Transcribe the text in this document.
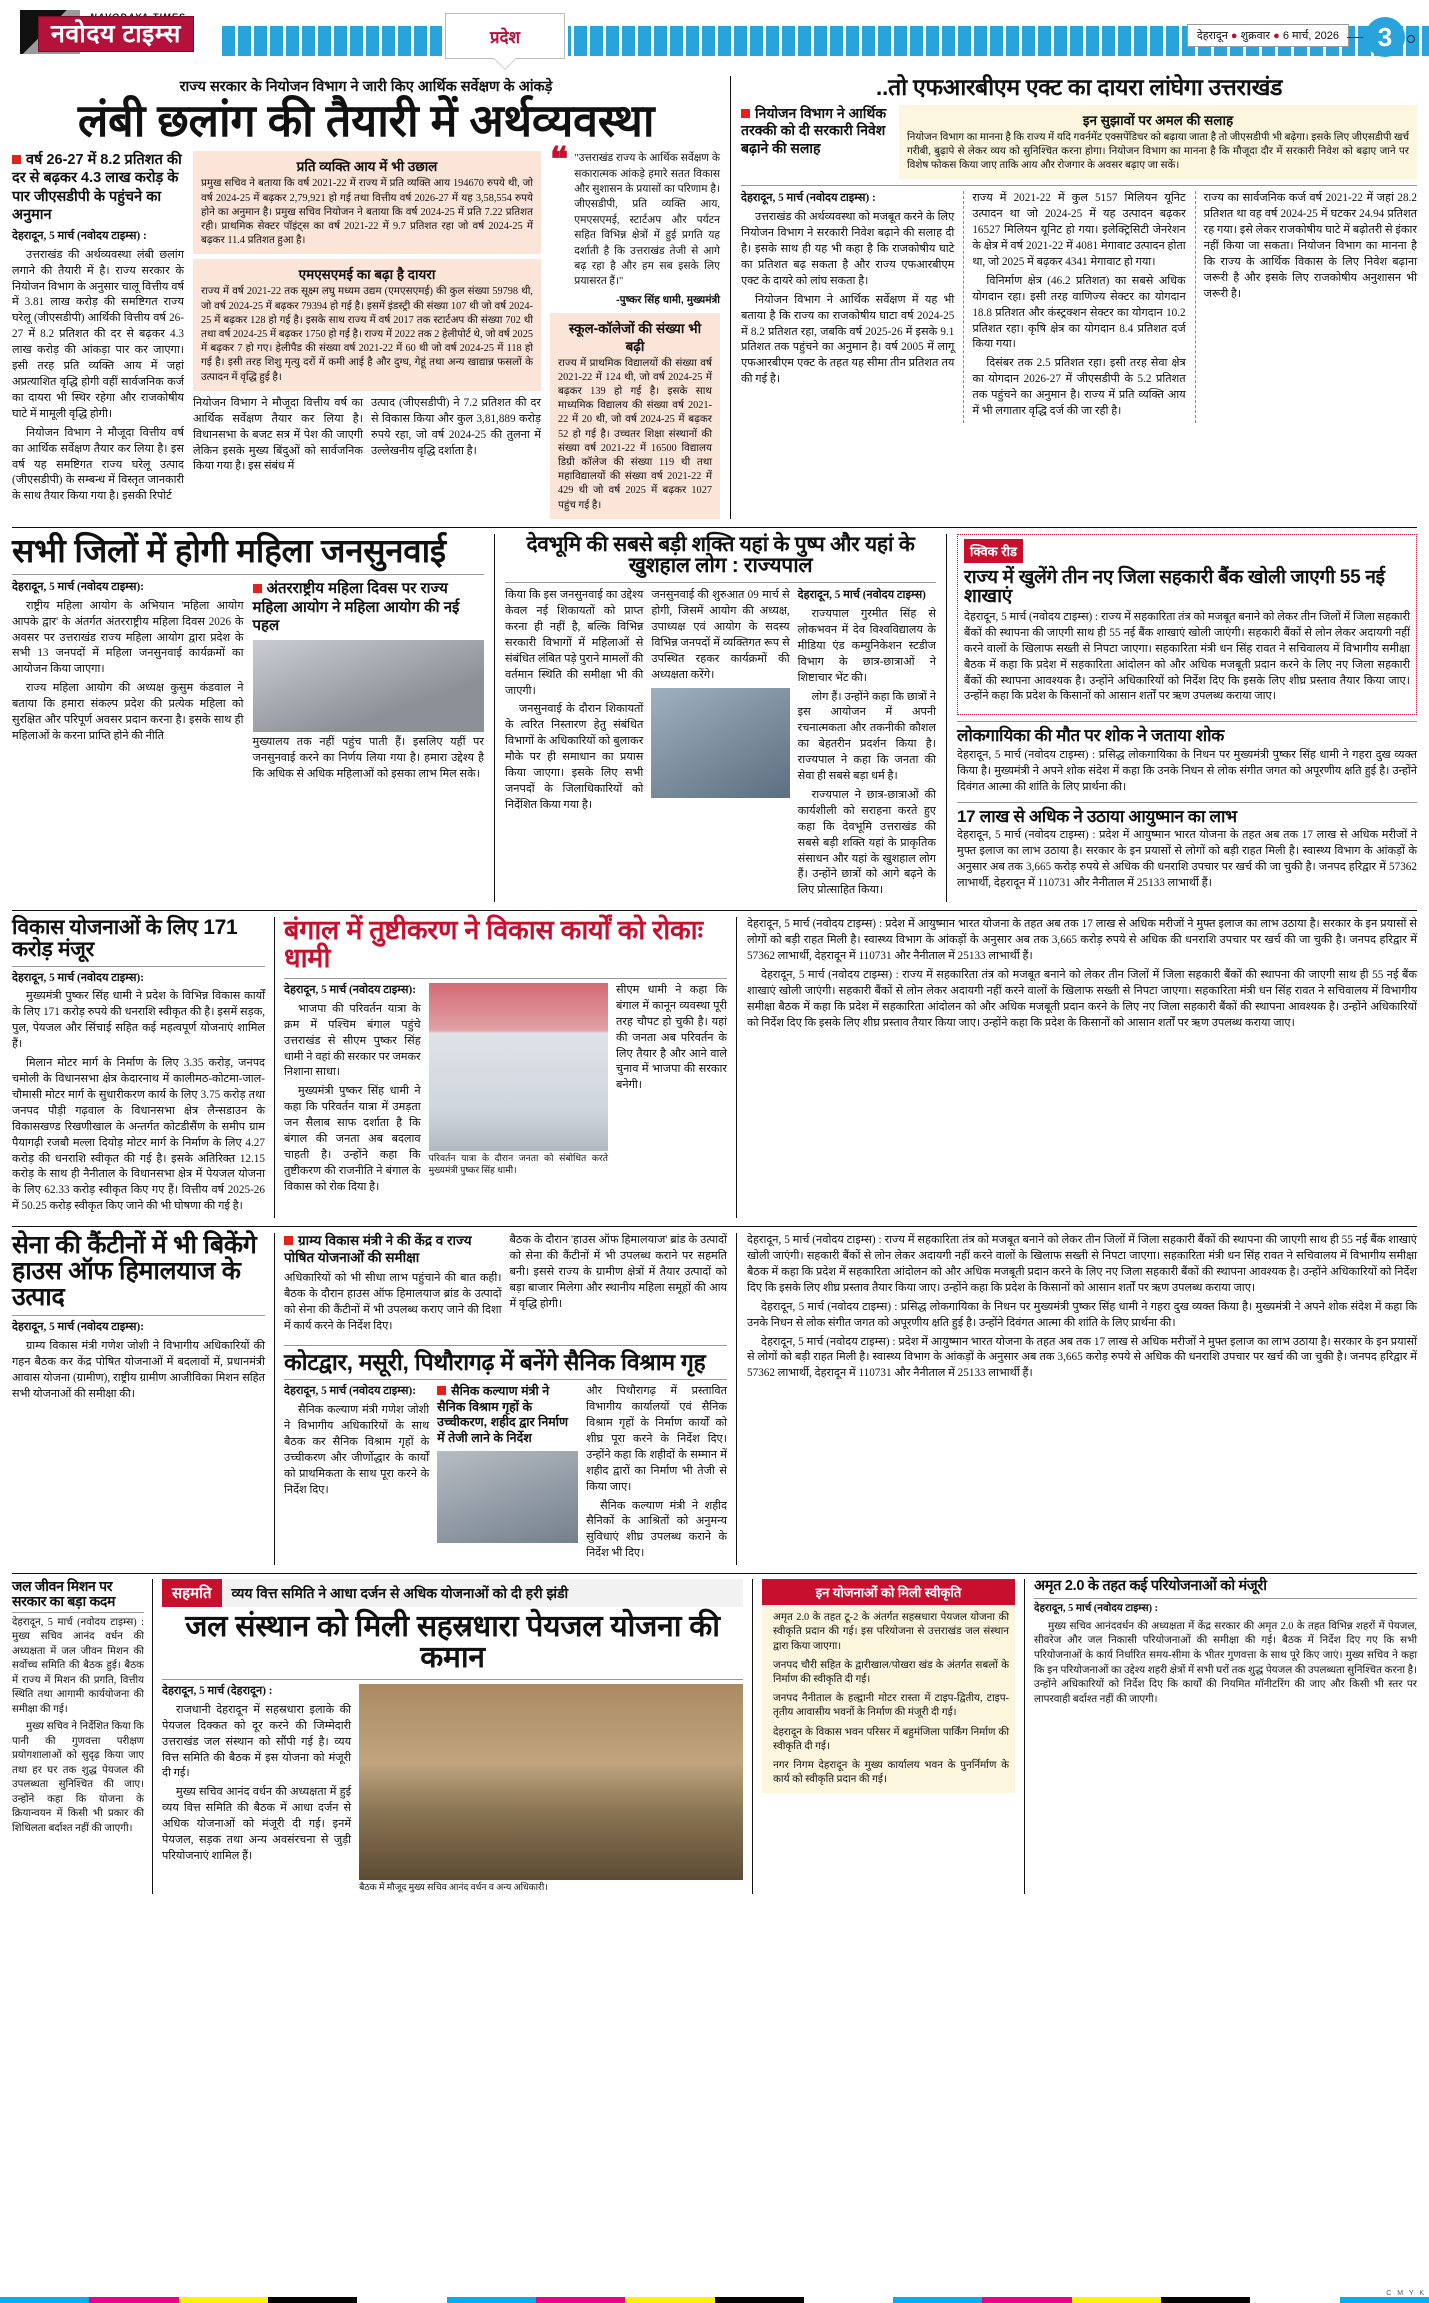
नवोदय टाइम्स	प्रदेश	देहरादून ● शुक्रवार ● 6 मार्च, 2026	3
राज्य सरकार के नियोजन विभाग ने जारी किए आर्थिक सर्वेक्षण के आंकड़े
लंबी छलांग की तैयारी में अर्थव्यवस्था
वर्ष 26-27 में 8.2 प्रतिशत की दर से बढ़कर 4.3 लाख करोड़ के पार जीएसडीपी के पहुंचने का अनुमान

देहरादून, 5 मार्च (नवोदय टाइम्स) :

उत्तराखंड की अर्थव्यवस्था लंबी छलांग लगाने की तैयारी में है। राज्य सरकार के नियोजन विभाग के अनुसार चालू वित्तीय वर्ष में 3.81 लाख करोड़ की समष्टिगत राज्य घरेलू (जीएसडीपी) आर्थिकी वित्तीय वर्ष 26-27 में 8.2 प्रतिशत की दर से बढ़कर 4.3 लाख करोड़ की आंकड़ा पार कर जाएगा। इसी तरह प्रति व्यक्ति आय में जहां अप्रत्याशित वृद्धि होगी वहीं सार्वजनिक कर्ज का दायरा भी स्थिर रहेगा और राजकोषीय घाटे में मामूली वृद्धि होगी।

नियोजन विभाग ने मौजूदा वित्तीय वर्ष का आर्थिक सर्वेक्षण तैयार कर लिया है। इस वर्ष यह समष्टिगत राज्य घरेलू उत्पाद (जीएसडीपी) के सम्बन्ध में विस्तृत जानकारी के साथ तैयार किया गया है। इसकी रिपोर्ट

प्रति व्यक्ति आय में भी उछाल
प्रमुख सचिव ने बताया कि वर्ष 2021-22 में राज्य में प्रति व्यक्ति आय 194670 रुपये थी, जो वर्ष 2024-25 में बढ़कर 2,79,921 हो गई तथा वित्तीय वर्ष 2026-27 में यह 3,58,554 रुपये होने का अनुमान है। प्रमुख सचिव नियोजन ने बताया कि वर्ष 2024-25 में प्रति 7.22 प्रतिशत रही। प्राथमिक सेक्टर पॉइंट्स का वर्ष 2021-22 में 9.7 प्रतिशत रहा जो वर्ष 2024-25 में बढ़कर 11.4 प्रतिशत हुआ है।
एमएसएमई का बढ़ा है दायरा
राज्य में वर्ष 2021-22 तक सूक्ष्म लघु मध्यम उद्यम (एमएसएमई) की कुल संख्या 59798 थी, जो वर्ष 2024-25 में बढ़कर 79394 हो गई है। इसमें इंडस्ट्री की संख्या 107 थी जो वर्ष 2024-25 में बढ़कर 128 हो गई है। इसके साथ राज्य में वर्ष 2017 तक स्टार्टअप की संख्या 702 थी तथा वर्ष 2024-25 में बढ़कर 1750 हो गई है। राज्य में 2022 तक 2 हेलीपोर्ट थे, जो वर्ष 2025 में बढ़कर 7 हो गए। हेलीपैड की संख्या वर्ष 2021-22 में 60 थी जो वर्ष 2024-25 में 118 हो गई है। इसी तरह शिशु मृत्यु दरों में कमी आई है और दुग्ध, गेहूं तथा अन्य खाद्यान्न फसलों के उत्पादन में वृद्धि हुई है।

नियोजन विभाग ने मौजूदा वित्तीय वर्ष का आर्थिक सर्वेक्षण तैयार कर लिया है। विधानसभा के बजट सत्र में पेश की जाएगी लेकिन इसके मुख्य बिंदुओं को सार्वजनिक किया गया है। इस संबंध में

उत्पाद (जीएसडीपी) ने 7.2 प्रतिशत की दर से विकास किया और कुल 3,81,889 करोड़ रुपये रहा, जो वर्ष 2024-25 की तुलना में उल्लेखनीय वृद्धि दर्शाता है।

❝ "उत्तराखंड राज्य के आर्थिक सर्वेक्षण के सकारात्मक आंकड़े हमारे सतत विकास और सुशासन के प्रयासों का परिणाम है। जीएसडीपी, प्रति व्यक्ति आय, एमएसएमई, स्टार्टअप और पर्यटन सहित विभिन्न क्षेत्रों में हुई प्रगति यह दर्शाती है कि उत्तराखंड तेजी से आगे बढ़ रहा है और हम सब इसके लिए प्रयासरत हैं।"
-पुष्कर सिंह धामी, मुख्यमंत्री
स्कूल-कॉलेजों की संख्या भी बढ़ी
राज्य में प्राथमिक विद्यालयों की संख्या वर्ष 2021-22 में 124 थी, जो वर्ष 2024-25 में बढ़कर 139 हो गई है। इसके साथ माध्यमिक विद्यालय की संख्या वर्ष 2021-22 में 20 थी, जो वर्ष 2024-25 में बढ़कर 52 हो गई है। उच्चतर शिक्षा संस्थानों की संख्या वर्ष 2021-22 में 16500 विद्यालय डिग्री कॉलेज की संख्या 119 थी तथा महाविद्यालयों की संख्या वर्ष 2021-22 में 429 थी जो वर्ष 2025 में बढ़कर 1027 पहुंच गई है।
..तो एफआरबीएम एक्ट का दायरा लांघेगा उत्तराखंड
नियोजन विभाग ने आर्थिक तरक्की को दी सरकारी निवेश बढ़ाने की सलाह
इन सुझावों पर अमल की सलाह
नियोजन विभाग का मानना है कि राज्य में यदि गवर्नमेंट एक्सपेंडिचर को बढ़ाया जाता है तो जीएसडीपी भी बढ़ेगा। इसके लिए जीएसडीपी खर्च गरीबी, बुढ़ापे से लेकर व्यय को सुनिश्चित करना होगा। नियोजन विभाग का मानना है कि मौजूदा दौर में सरकारी निवेश को बढ़ाए जाने पर विशेष फोकस किया जाए ताकि आय और रोजगार के अवसर बढ़ाए जा सकें।

देहरादून, 5 मार्च (नवोदय टाइम्स) :

उत्तराखंड की अर्थव्यवस्था को मजबूत करने के लिए नियोजन विभाग ने सरकारी निवेश बढ़ाने की सलाह दी है। इसके साथ ही यह भी कहा है कि राजकोषीय घाटे का प्रतिशत बढ़ सकता है और राज्य एफआरबीएम एक्ट के दायरे को लांघ सकता है।

नियोजन विभाग ने आर्थिक सर्वेक्षण में यह भी बताया है कि राज्य का राजकोषीय घाटा वर्ष 2024-25 में 8.2 प्रतिशत रहा, जबकि वर्ष 2025-26 में इसके 9.1 प्रतिशत तक पहुंचने का अनुमान है। वर्ष 2005 में लागू एफआरबीएम एक्ट के तहत यह सीमा तीन प्रतिशत तय की गई है।

राज्य में 2021-22 में कुल 5157 मिलियन यूनिट उत्पादन था जो 2024-25 में यह उत्पादन बढ़कर 16527 मिलियन यूनिट हो गया। इलेक्ट्रिसिटी जेनरेशन के क्षेत्र में वर्ष 2021-22 में 4081 मेगावाट उत्पादन होता था, जो 2025 में बढ़कर 4341 मेगावाट हो गया।

विनिर्माण क्षेत्र (46.2 प्रतिशत) का सबसे अधिक योगदान रहा। इसी तरह वाणिज्य सेक्टर का योगदान 18.8 प्रतिशत और कंस्ट्रक्शन सेक्टर का योगदान 10.2 प्रतिशत रहा। कृषि क्षेत्र का योगदान 8.4 प्रतिशत दर्ज किया गया।

दिसंबर तक 2.5 प्रतिशत रहा। इसी तरह सेवा क्षेत्र का योगदान 2026-27 में जीएसडीपी के 5.2 प्रतिशत तक पहुंचने का अनुमान है। राज्य में प्रति व्यक्ति आय में भी लगातार वृद्धि दर्ज की जा रही है।

राज्य का सार्वजनिक कर्ज वर्ष 2021-22 में जहां 28.2 प्रतिशत था वह वर्ष 2024-25 में घटकर 24.94 प्रतिशत रह गया। इसे लेकर राजकोषीय घाटे में बढ़ोतरी से इंकार नहीं किया जा सकता। नियोजन विभाग का मानना है कि राज्य के आर्थिक विकास के लिए निवेश बढ़ाना जरूरी है और इसके लिए राजकोषीय अनुशासन भी जरूरी है।

सभी जिलों में होगी महिला जनसुनवाई

देहरादून, 5 मार्च (नवोदय टाइम्स):

राष्ट्रीय महिला आयोग के अभियान 'महिला आयोग आपके द्वार' के अंतर्गत अंतरराष्ट्रीय महिला दिवस 2026 के अवसर पर उत्तराखंड राज्य महिला आयोग द्वारा प्रदेश के सभी 13 जनपदों में महिला जनसुनवाई कार्यक्रमों का आयोजन किया जाएगा।

राज्य महिला आयोग की अध्यक्ष कुसुम कंडवाल ने बताया कि हमारा संकल्प प्रदेश की प्रत्येक महिला को सुरक्षित और परिपूर्ण अवसर प्रदान करना है। इसके साथ ही महिलाओं के करना प्राप्ति होने की नीति

अंतरराष्ट्रीय महिला दिवस पर राज्य महिला आयोग ने महिला आयोग की नई पहल

मुख्यालय तक नहीं पहुंच पाती हैं। इसलिए यहीं पर जनसुनवाई करने का निर्णय लिया गया है। हमारा उद्देश्य है कि अधिक से अधिक महिलाओं को इसका लाभ मिल सके।

देवभूमि की सबसे बड़ी शक्ति यहां के पुष्प और यहां के खुशहाल लोग : राज्यपाल

किया कि इस जनसुनवाई का उद्देश्य केवल नई शिकायतों को प्राप्त करना ही नहीं है, बल्कि विभिन्न सरकारी विभागों में महिलाओं से संबंधित लंबित पड़े पुराने मामलों की वर्तमान स्थिति की समीक्षा भी की जाएगी।

जनसुनवाई के दौरान शिकायतों के त्वरित निस्तारण हेतु संबंधित विभागों के अधिकारियों को बुलाकर मौके पर ही समाधान का प्रयास किया जाएगा। इसके लिए सभी जनपदों के जिलाधिकारियों को निर्देशित किया गया है।

जनसुनवाई की शुरुआत 09 मार्च से होगी, जिसमें आयोग की अध्यक्ष, उपाध्यक्ष एवं आयोग के सदस्य विभिन्न जनपदों में व्यक्तिगत रूप से उपस्थित रहकर कार्यक्रमों की अध्यक्षता करेंगे।

देहरादून, 5 मार्च (नवोदय टाइम्स)

राज्यपाल गुरमीत सिंह से लोकभवन में देव विश्वविद्यालय के मीडिया एंड कम्युनिकेशन स्टडीज विभाग के छात्र-छात्राओं ने शिष्टाचार भेंट की।

लोग हैं। उन्होंने कहा कि छात्रों ने इस आयोजन में अपनी रचनात्मकता और तकनीकी कौशल का बेहतरीन प्रदर्शन किया है। राज्यपाल ने कहा कि जनता की सेवा ही सबसे बड़ा धर्म है।

राज्यपाल ने छात्र-छात्राओं की कार्यशीली को सराहना करते हुए कहा कि देवभूमि उत्तराखंड की सबसे बड़ी शक्ति यहां के प्राकृतिक संसाधन और यहां के खुशहाल लोग हैं। उन्होंने छात्रों को आगे बढ़ने के लिए प्रोत्साहित किया।

क्विक रीड
राज्य में खुलेंगे तीन नए जिला सहकारी बैंक खोली जाएगी 55 नई शाखाएं

देहरादून, 5 मार्च (नवोदय टाइम्स) : राज्य में सहकारिता तंत्र को मजबूत बनाने को लेकर तीन जिलों में जिला सहकारी बैंकों की स्थापना की जाएगी साथ ही 55 नई बैंक शाखाएं खोली जाएंगी। सहकारी बैंकों से लोन लेकर अदायगी नहीं करने वालों के खिलाफ सख्ती से निपटा जाएगा। सहकारिता मंत्री धन सिंह रावत ने सचिवालय में विभागीय समीक्षा बैठक में कहा कि प्रदेश में सहकारिता आंदोलन को और अधिक मजबूती प्रदान करने के लिए नए जिला सहकारी बैंकों की स्थापना आवश्यक है। उन्होंने अधिकारियों को निर्देश दिए कि इसके लिए शीघ्र प्रस्ताव तैयार किया जाए। उन्होंने कहा कि प्रदेश के किसानों को आसान शर्तों पर ऋण उपलब्ध कराया जाए।

लोकगायिका की मौत पर शोक ने जताया शोक

देहरादून, 5 मार्च (नवोदय टाइम्स) : प्रसिद्ध लोकगायिका के निधन पर मुख्यमंत्री पुष्कर सिंह धामी ने गहरा दुख व्यक्त किया है। मुख्यमंत्री ने अपने शोक संदेश में कहा कि उनके निधन से लोक संगीत जगत को अपूरणीय क्षति हुई है। उन्होंने दिवंगत आत्मा की शांति के लिए प्रार्थना की।

17 लाख से अधिक ने उठाया आयुष्मान का लाभ

देहरादून, 5 मार्च (नवोदय टाइम्स) : प्रदेश में आयुष्मान भारत योजना के तहत अब तक 17 लाख से अधिक मरीजों ने मुफ्त इलाज का लाभ उठाया है। सरकार के इन प्रयासों से लोगों को बड़ी राहत मिली है। स्वास्थ्य विभाग के आंकड़ों के अनुसार अब तक 3,665 करोड़ रुपये से अधिक की धनराशि उपचार पर खर्च की जा चुकी है। जनपद हरिद्वार में 57362 लाभार्थी, देहरादून में 110731 और नैनीताल में 25133 लाभार्थी हैं।

विकास योजनाओं के लिए 171 करोड़ मंजूर

देहरादून, 5 मार्च (नवोदय टाइम्स):

मुख्यमंत्री पुष्कर सिंह धामी ने प्रदेश के विभिन्न विकास कार्यों के लिए 171 करोड़ रुपये की धनराशि स्वीकृत की है। इसमें सड़क, पुल, पेयजल और सिंचाई सहित कई महत्वपूर्ण योजनाएं शामिल हैं।

मिलान मोटर मार्ग के निर्माण के लिए 3.35 करोड़, जनपद चमोली के विधानसभा क्षेत्र केदारनाथ में कालीमठ-कोटमा-जाल-चौमासी मोटर मार्ग के सुधारीकरण कार्य के लिए 3.75 करोड़ तथा जनपद पौड़ी गढ़वाल के विधानसभा क्षेत्र लैन्सडाउन के विकासखण्ड रिखणीखाल के अन्तर्गत कोटडीसैंण के समीप ग्राम पैयागढ़ी रजबौ मल्ला दियोड़ मोटर मार्ग के निर्माण के लिए 4.27 करोड़ की धनराशि स्वीकृत की गई है। इसके अतिरिक्त 12.15 करोड़ के साथ ही नैनीताल के विधानसभा क्षेत्र में पेयजल योजना के लिए 62.33 करोड़ स्वीकृत किए गए हैं। वित्तीय वर्ष 2025-26 में 50.25 करोड़ स्वीकृत किए जाने की भी घोषणा की गई है।

बंगाल में तुष्टीकरण ने विकास कार्यों को रोकाः धामी

देहरादून, 5 मार्च (नवोदय टाइम्स):

भाजपा की परिवर्तन यात्रा के क्रम में पश्चिम बंगाल पहुंचे उत्तराखंड से सीएम पुष्कर सिंह धामी ने वहां की सरकार पर जमकर निशाना साधा।

मुख्यमंत्री पुष्कर सिंह धामी ने कहा कि परिवर्तन यात्रा में उमड़ता जन सैलाब साफ दर्शाता है कि बंगाल की जनता अब बदलाव चाहती है। उन्होंने कहा कि तुष्टीकरण की राजनीति ने बंगाल के विकास को रोक दिया है।

परिवर्तन यात्रा के दौरान जनता को संबोधित करते मुख्यमंत्री पुष्कर सिंह धामी।

सीएम धामी ने कहा कि बंगाल में कानून व्यवस्था पूरी तरह चौपट हो चुकी है। यहां की जनता अब परिवर्तन के लिए तैयार है और आने वाले चुनाव में भाजपा की सरकार बनेगी।

देहरादून, 5 मार्च (नवोदय टाइम्स) : प्रदेश में आयुष्मान भारत योजना के तहत अब तक 17 लाख से अधिक मरीजों ने मुफ्त इलाज का लाभ उठाया है। सरकार के इन प्रयासों से लोगों को बड़ी राहत मिली है। स्वास्थ्य विभाग के आंकड़ों के अनुसार अब तक 3,665 करोड़ रुपये से अधिक की धनराशि उपचार पर खर्च की जा चुकी है। जनपद हरिद्वार में 57362 लाभार्थी, देहरादून में 110731 और नैनीताल में 25133 लाभार्थी हैं।

देहरादून, 5 मार्च (नवोदय टाइम्स) : राज्य में सहकारिता तंत्र को मजबूत बनाने को लेकर तीन जिलों में जिला सहकारी बैंकों की स्थापना की जाएगी साथ ही 55 नई बैंक शाखाएं खोली जाएंगी। सहकारी बैंकों से लोन लेकर अदायगी नहीं करने वालों के खिलाफ सख्ती से निपटा जाएगा। सहकारिता मंत्री धन सिंह रावत ने सचिवालय में विभागीय समीक्षा बैठक में कहा कि प्रदेश में सहकारिता आंदोलन को और अधिक मजबूती प्रदान करने के लिए नए जिला सहकारी बैंकों की स्थापना आवश्यक है। उन्होंने अधिकारियों को निर्देश दिए कि इसके लिए शीघ्र प्रस्ताव तैयार किया जाए। उन्होंने कहा कि प्रदेश के किसानों को आसान शर्तों पर ऋण उपलब्ध कराया जाए।

सेना की कैंटीनों में भी बिकेंगे हाउस ऑफ हिमालयाज के उत्पाद

देहरादून, 5 मार्च (नवोदय टाइम्स):

ग्राम्य विकास मंत्री गणेश जोशी ने विभागीय अधिकारियों की गहन बैठक कर केंद्र पोषित योजनाओं में बदलावों में, प्रधानमंत्री आवास योजना (ग्रामीण), राष्ट्रीय ग्रामीण आजीविका मिशन सहित सभी योजनाओं की समीक्षा की।

ग्राम्य विकास मंत्री ने की केंद्र व राज्य पोषित योजनाओं की समीक्षा

अधिकारियों को भी सीधा लाभ पहुंचाने की बात कही। बैठक के दौरान हाउस ऑफ हिमालयाज ब्रांड के उत्पादों को सेना की कैंटीनों में भी उपलब्ध कराए जाने की दिशा में कार्य करने के निर्देश दिए।

बैठक के दौरान 'हाउस ऑफ हिमालयाज' ब्रांड के उत्पादों को सेना की कैंटीनों में भी उपलब्ध कराने पर सहमति बनी। इससे राज्य के ग्रामीण क्षेत्रों में तैयार उत्पादों को बड़ा बाजार मिलेगा और स्थानीय महिला समूहों की आय में वृद्धि होगी।

कोटद्वार, मसूरी, पिथौरागढ़ में बनेंगे सैनिक विश्राम गृह

देहरादून, 5 मार्च (नवोदय टाइम्स):

सैनिक कल्याण मंत्री गणेश जोशी ने विभागीय अधिकारियों के साथ बैठक कर सैनिक विश्राम गृहों के उच्चीकरण और जीर्णोद्धार के कार्यों को प्राथमिकता के साथ पूरा करने के निर्देश दिए।

सैनिक कल्याण मंत्री ने सैनिक विश्राम गृहों के उच्चीकरण, शहीद द्वार निर्माण में तेजी लाने के निर्देश

और पिथौरागढ़ में प्रस्तावित विभागीय कार्यालयों एवं सैनिक विश्राम गृहों के निर्माण कार्यों को शीघ्र पूरा करने के निर्देश दिए। उन्होंने कहा कि शहीदों के सम्मान में शहीद द्वारों का निर्माण भी तेजी से किया जाए।

सैनिक कल्याण मंत्री ने शहीद सैनिकों के आश्रितों को अनुमन्य सुविधाएं शीघ्र उपलब्ध कराने के निर्देश भी दिए।

देहरादून, 5 मार्च (नवोदय टाइम्स) : राज्य में सहकारिता तंत्र को मजबूत बनाने को लेकर तीन जिलों में जिला सहकारी बैंकों की स्थापना की जाएगी साथ ही 55 नई बैंक शाखाएं खोली जाएंगी। सहकारी बैंकों से लोन लेकर अदायगी नहीं करने वालों के खिलाफ सख्ती से निपटा जाएगा। सहकारिता मंत्री धन सिंह रावत ने सचिवालय में विभागीय समीक्षा बैठक में कहा कि प्रदेश में सहकारिता आंदोलन को और अधिक मजबूती प्रदान करने के लिए नए जिला सहकारी बैंकों की स्थापना आवश्यक है। उन्होंने अधिकारियों को निर्देश दिए कि इसके लिए शीघ्र प्रस्ताव तैयार किया जाए। उन्होंने कहा कि प्रदेश के किसानों को आसान शर्तों पर ऋण उपलब्ध कराया जाए।

देहरादून, 5 मार्च (नवोदय टाइम्स) : प्रसिद्ध लोकगायिका के निधन पर मुख्यमंत्री पुष्कर सिंह धामी ने गहरा दुख व्यक्त किया है। मुख्यमंत्री ने अपने शोक संदेश में कहा कि उनके निधन से लोक संगीत जगत को अपूरणीय क्षति हुई है। उन्होंने दिवंगत आत्मा की शांति के लिए प्रार्थना की।

देहरादून, 5 मार्च (नवोदय टाइम्स) : प्रदेश में आयुष्मान भारत योजना के तहत अब तक 17 लाख से अधिक मरीजों ने मुफ्त इलाज का लाभ उठाया है। सरकार के इन प्रयासों से लोगों को बड़ी राहत मिली है। स्वास्थ्य विभाग के आंकड़ों के अनुसार अब तक 3,665 करोड़ रुपये से अधिक की धनराशि उपचार पर खर्च की जा चुकी है। जनपद हरिद्वार में 57362 लाभार्थी, देहरादून में 110731 और नैनीताल में 25133 लाभार्थी हैं।

जल जीवन मिशन पर सरकार का बड़ा कदम

देहरादून, 5 मार्च (नवोदय टाइम्स) : मुख्य सचिव आनंद वर्धन की अध्यक्षता में जल जीवन मिशन की सर्वोच्च समिति की बैठक हुई। बैठक में राज्य में मिशन की प्रगति, वित्तीय स्थिति तथा आगामी कार्ययोजना की समीक्षा की गई।

मुख्य सचिव ने निर्देशित किया कि पानी की गुणवत्ता परीक्षण प्रयोगशालाओं को सुदृढ़ किया जाए तथा हर घर तक शुद्ध पेयजल की उपलब्धता सुनिश्चित की जाए। उन्होंने कहा कि योजना के क्रियान्वयन में किसी भी प्रकार की शिथिलता बर्दाश्त नहीं की जाएगी।

सहमति	व्यय वित्त समिति ने आधा दर्जन से अधिक योजनाओं को दी हरी झंडी
जल संस्थान को मिली सहस्रधारा पेयजल योजना की कमान

देहरादून, 5 मार्च (देहरादून) :

राजधानी देहरादून में सहस्रधारा इलाके की पेयजल दिक्कत को दूर करने की जिम्मेदारी उत्तराखंड जल संस्थान को सौंपी गई है। व्यय वित्त समिति की बैठक में इस योजना को मंजूरी दी गई।

मुख्य सचिव आनंद वर्धन की अध्यक्षता में हुई व्यय वित्त समिति की बैठक में आधा दर्जन से अधिक योजनाओं को मंजूरी दी गई। इनमें पेयजल, सड़क तथा अन्य अवसंरचना से जुड़ी परियोजनाएं शामिल हैं।

बैठक में मौजूद मुख्य सचिव आनंद वर्धन व अन्य अधिकारी।
इन योजनाओं को मिली स्वीकृति
अमृत 2.0 के तहत टू-2 के अंतर्गत सहस्रधारा पेयजल योजना की स्वीकृति प्रदान की गई। इस परियोजना से उत्तराखंड जल संस्थान द्वारा किया जाएगा।
जनपद चौरी सहित के द्वारीखाल/पोखरा खंड के अंतर्गत सबलों के निर्माण की स्वीकृति दी गई।
जनपद नैनीताल के हल्द्वानी मोटर रास्ता में टाइप-द्वितीय, टाइप-तृतीय आवासीय भवनों के निर्माण की मंजूरी दी गई।
देहरादून के विकास भवन परिसर में बहुमंजिला पार्किंग निर्माण की स्वीकृति दी गई।
नगर निगम देहरादून के मुख्य कार्यालय भवन के पुनर्निर्माण के कार्य को स्वीकृति प्रदान की गई।
अमृत 2.0 के तहत कई परियोजनाओं को मंजूरी

देहरादून, 5 मार्च (नवोदय टाइम्स) :

मुख्य सचिव आनंदवर्धन की अध्यक्षता में केंद्र सरकार की अमृत 2.0 के तहत विभिन्न शहरों में पेयजल, सीवरेज और जल निकासी परियोजनाओं की समीक्षा की गई। बैठक में निर्देश दिए गए कि सभी परियोजनाओं के कार्य निर्धारित समय-सीमा के भीतर गुणवत्ता के साथ पूरे किए जाएं। मुख्य सचिव ने कहा कि इन परियोजनाओं का उद्देश्य शहरी क्षेत्रों में सभी घरों तक शुद्ध पेयजल की उपलब्धता सुनिश्चित करना है। उन्होंने अधिकारियों को निर्देश दिए कि कार्यों की नियमित मॉनीटरिंग की जाए और किसी भी स्तर पर लापरवाही बर्दाश्त नहीं की जाएगी।

C M Y K
